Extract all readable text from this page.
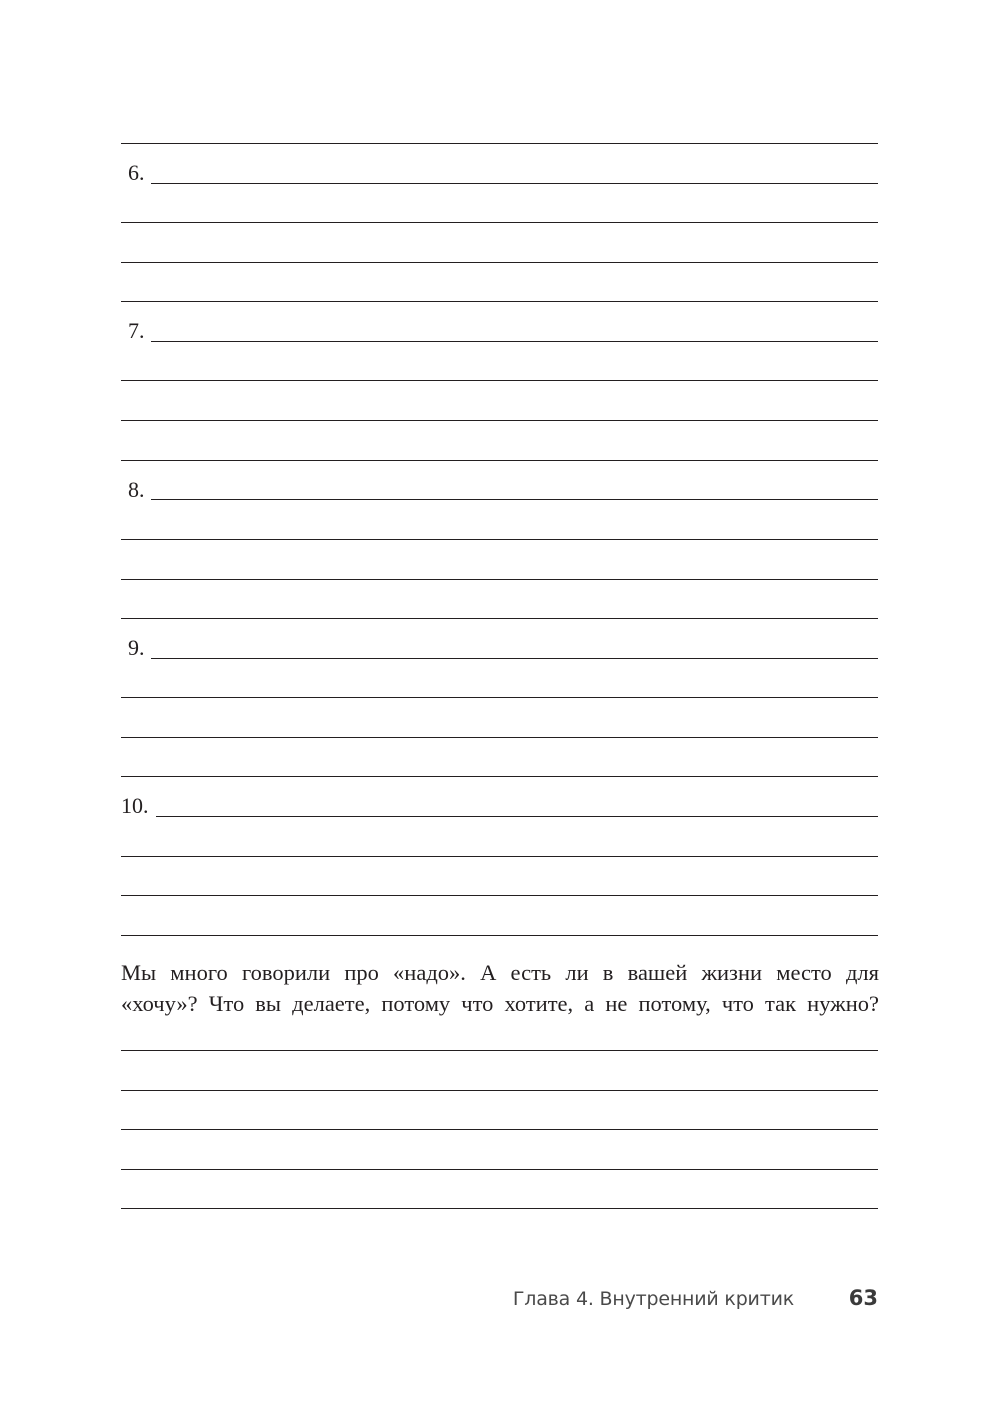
6.
7.
8.
9.
10.

Мы много говорили про «надо». А есть ли в вашей жизни место для

«хочу»? Что вы делаете, потому что хотите, а не потому, что так нужно?

Глава 4. Внутренний критик	63
